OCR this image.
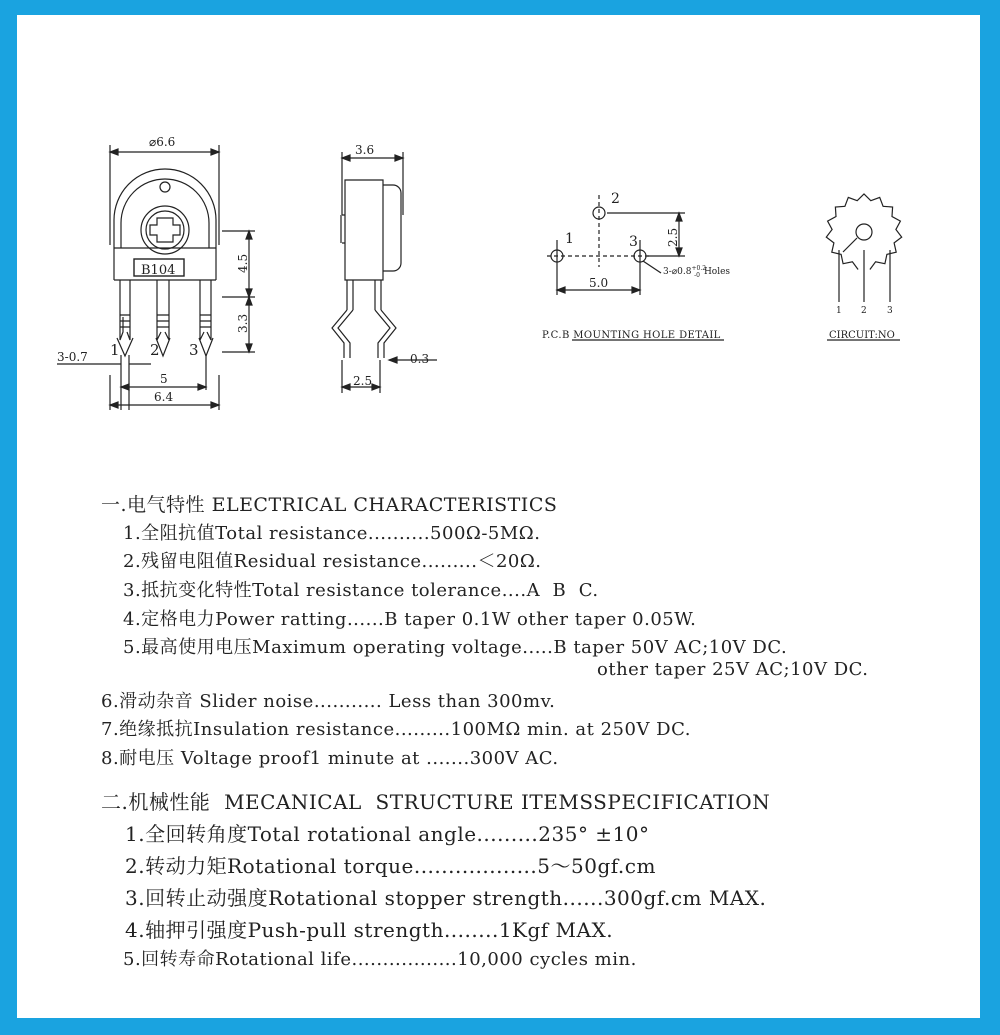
⌀6.6
B104	4.5
3.3
3-0.7 1 2 3
5
6.4
3.6
0.3
2.5
1
2
3 2.5
5.0
$3-⌀0.8^{+0.2}$ -0 Holes
P.C.B MOUNTING HOLE DETAIL
1 2 3
CIRCUIT:NO
一.电气特性 ELECTRICAL CHARACTERISTICS
1.全阻抗值Total resistance..........500Ω-5MΩ.
2.残留电阻值Residual resistance.........＜20Ω.
3.抵抗变化特性Total resistance tolerance....A  B  C.
4.定格电力Power ratting......B taper 0.1W other taper 0.05W.
5.最高使用电压Maximum operating voltage.....B taper 50V AC;10V DC.
other taper 25V AC;10V DC.
6.滑动杂音 Slider noise........... Less than 300mv.
7.绝缘抵抗Insulation resistance.........100MΩ min. at 250V DC.
8.耐电压 Voltage proof1 minute at .......300V AC.
二.机械性能  MECANICAL  STRUCTURE ITEMSSPECIFICATION
1.全回转角度Total rotational angle.........235° ±10°
2.转动力矩Rotational torque..................5～50gf.cm
3.回转止动强度Rotational stopper strength......300gf.cm MAX.
4.轴押引强度Push-pull strength........1Kgf MAX.
5.回转寿命Rotational life.................10,000 cycles min.
